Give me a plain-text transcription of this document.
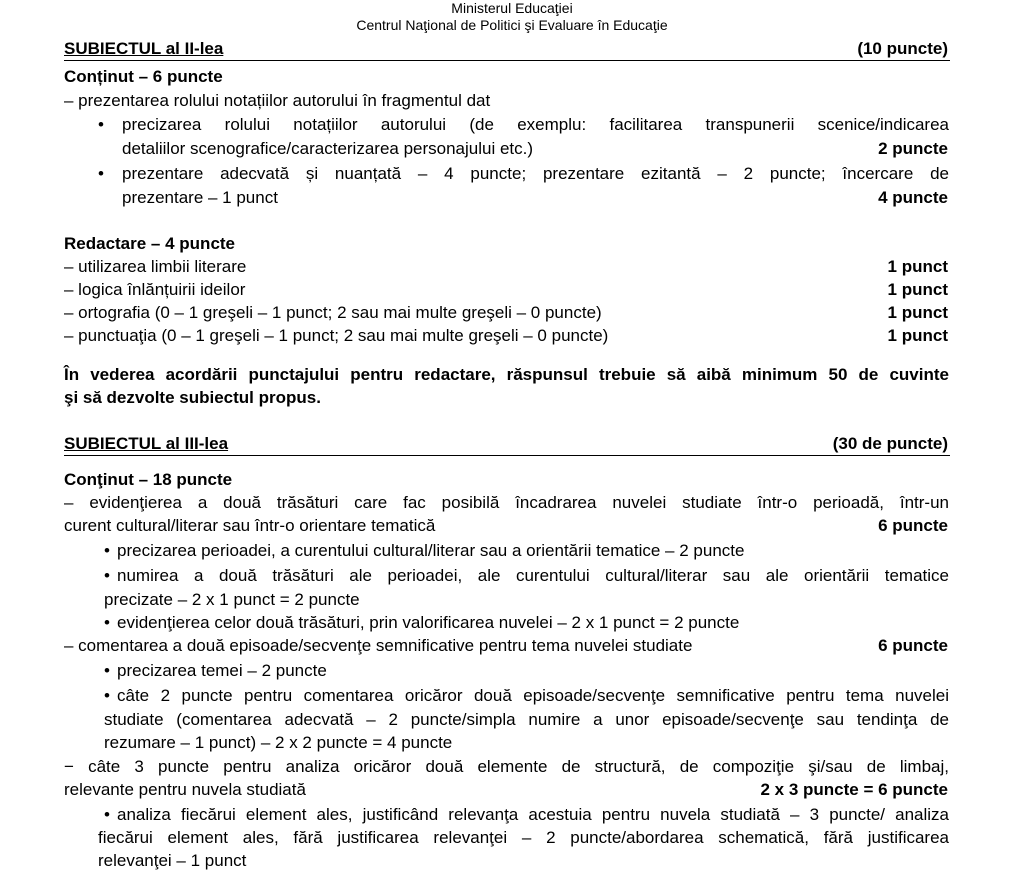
Ministerul Educaţiei
Centrul Naţional de Politici şi Evaluare în Educaţie
SUBIECTUL al II-lea	(10 puncte)
Conținut – 6 puncte
– prezentarea rolului notațiilor autorului în fragmentul dat
• precizarea rolului notațiilor autorului (de exemplu: facilitarea transpunerii scenice/indicarea
detaliilor scenografice/caracterizarea personajului etc.)	2 puncte
• prezentare adecvată și nuanțată – 4 puncte; prezentare ezitantă – 2 puncte; încercare de
prezentare – 1 punct	4 puncte
Redactare – 4 puncte
– utilizarea limbii literare	1 punct
– logica înlănțuirii ideilor	1 punct
– ortografia (0 – 1 greşeli – 1 punct; 2 sau mai multe greşeli – 0 puncte)	1 punct
– punctuaţia (0 – 1 greşeli – 1 punct; 2 sau mai multe greşeli – 0 puncte)	1 punct
În vederea acordării punctajului pentru redactare, răspunsul trebuie să aibă minimum 50 de cuvinte
şi să dezvolte subiectul propus.
SUBIECTUL al III-lea	(30 de puncte)
Conţinut – 18 puncte
– evidenţierea a două trăsături care fac posibilă încadrarea nuvelei studiate într-o perioadă, într-un
curent cultural/literar sau într-o orientare tematică	6 puncte
• precizarea perioadei, a curentului cultural/literar sau a orientării tematice – 2 puncte
• numirea a două trăsături ale perioadei, ale curentului cultural/literar sau ale orientării tematice
precizate – 2 x 1 punct = 2 puncte
• evidenţierea celor două trăsături, prin valorificarea nuvelei – 2 x 1 punct = 2 puncte
– comentarea a două episoade/secvenţe semnificative pentru tema nuvelei studiate	6 puncte
• precizarea temei – 2 puncte
• câte 2 puncte pentru comentarea oricăror două episoade/secvenţe semnificative pentru tema nuvelei
studiate (comentarea adecvată – 2 puncte/simpla numire a unor episoade/secvenţe sau tendinţa de
rezumare – 1 punct) – 2 x 2 puncte = 4 puncte
− câte 3 puncte pentru analiza oricăror două elemente de structură, de compoziţie şi/sau de limbaj,
relevante pentru nuvela studiată	2 x 3 puncte = 6 puncte
• analiza fiecărui element ales, justificând relevanţa acestuia pentru nuvela studiată – 3 puncte/ analiza
fiecărui element ales, fără justificarea relevanţei – 2 puncte/abordarea schematică, fără justificarea
relevanţei – 1 punct
